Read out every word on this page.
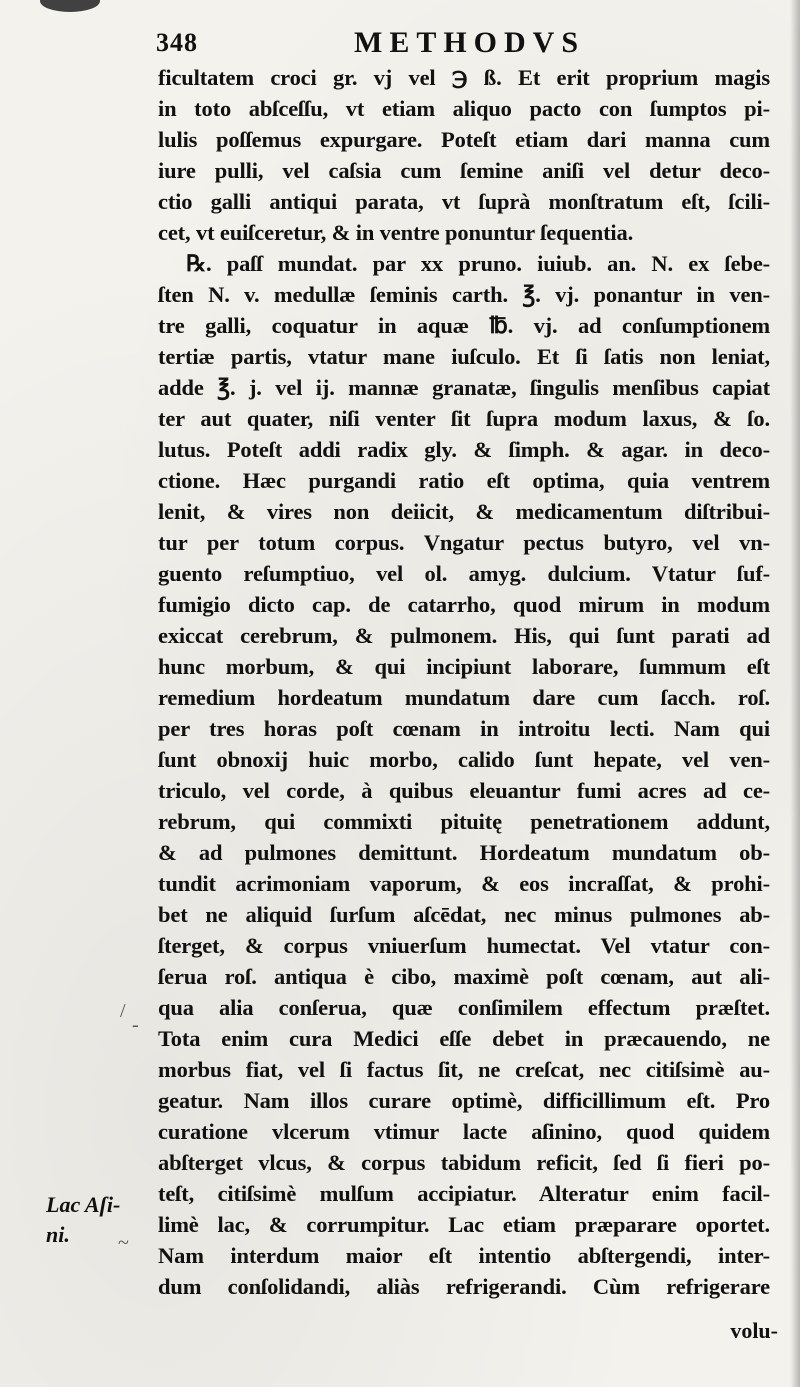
348	METHODVS
ficultatem croci gr. vj vel ℈ ß. Et erit proprium magis
in toto abſceſſu, vt etiam aliquo pacto con ſumptos pi-
lulis poſſemus expurgare. Poteſt etiam dari manna cum
iure pulli, vel caſsia cum ſemine aniſi vel detur deco-
ctio galli antiqui parata, vt ſuprà monſtratum eſt, ſcili-
cet, vt euiſceretur, & in ventre ponuntur ſequentia.
℞. paſſ mundat. par xx pruno. iuiub. an. N. ex ſebe-
ſten N. v. medullæ ſeminis carth. ℥. vj. ponantur in ven-
tre galli, coquatur in aquæ ℔. vj. ad conſumptionem
tertiæ partis, vtatur mane iuſculo. Et ſi ſatis non leniat,
adde ℥. j. vel ij. mannæ granatæ, ſingulis menſibus capiat
ter aut quater, niſi venter ſit ſupra modum laxus, & ſo.
lutus. Poteſt addi radix gly. & ſimph. & agar. in deco-
ctione. Hæc purgandi ratio eſt optima, quia ventrem
lenit, & vires non deiicit, & medicamentum diſtribui-
tur per totum corpus. Vngatur pectus butyro, vel vn-
guento reſumptiuo, vel ol. amyg. dulcium. Vtatur ſuf-
fumigio dicto cap. de catarrho, quod mirum in modum
exiccat cerebrum, & pulmonem. His, qui ſunt parati ad
hunc morbum, & qui incipiunt laborare, ſummum eſt
remedium hordeatum mundatum dare cum ſacch. roſ.
per tres horas poſt cœnam in introitu lecti. Nam qui
ſunt obnoxij huic morbo, calido ſunt hepate, vel ven-
triculo, vel corde, à quibus eleuantur fumi acres ad ce-
rebrum, qui commixti pituitę penetrationem addunt,
& ad pulmones demittunt. Hordeatum mundatum ob-
tundit acrimoniam vaporum, & eos incraſſat, & prohi-
bet ne aliquid ſurſum aſcēdat, nec minus pulmones ab-
ſterget, & corpus vniuerſum humectat. Vel vtatur con-
ſerua roſ. antiqua è cibo, maximè poſt cœnam, aut ali-
qua alia conſerua, quæ conſimilem effectum præſtet.
Tota enim cura Medici eſſe debet in præcauendo, ne
morbus fiat, vel ſi factus ſit, ne creſcat, nec citiſsimè au-
geatur. Nam illos curare optimè, difficillimum eſt. Pro
curatione vlcerum vtimur lacte aſinino, quod quidem
abſterget vlcus, & corpus tabidum reficit, ſed ſi fieri po-
teſt, citiſsimè mulſum accipiatur. Alteratur enim facil-
limè lac, & corrumpitur. Lac etiam præparare oportet.
Nam interdum maior eſt intentio abſtergendi, inter-
dum conſolidandi, aliàs refrigerandi. Cùm refrigerare
Lac Aſi-
ni.
/
-
~
volu-
